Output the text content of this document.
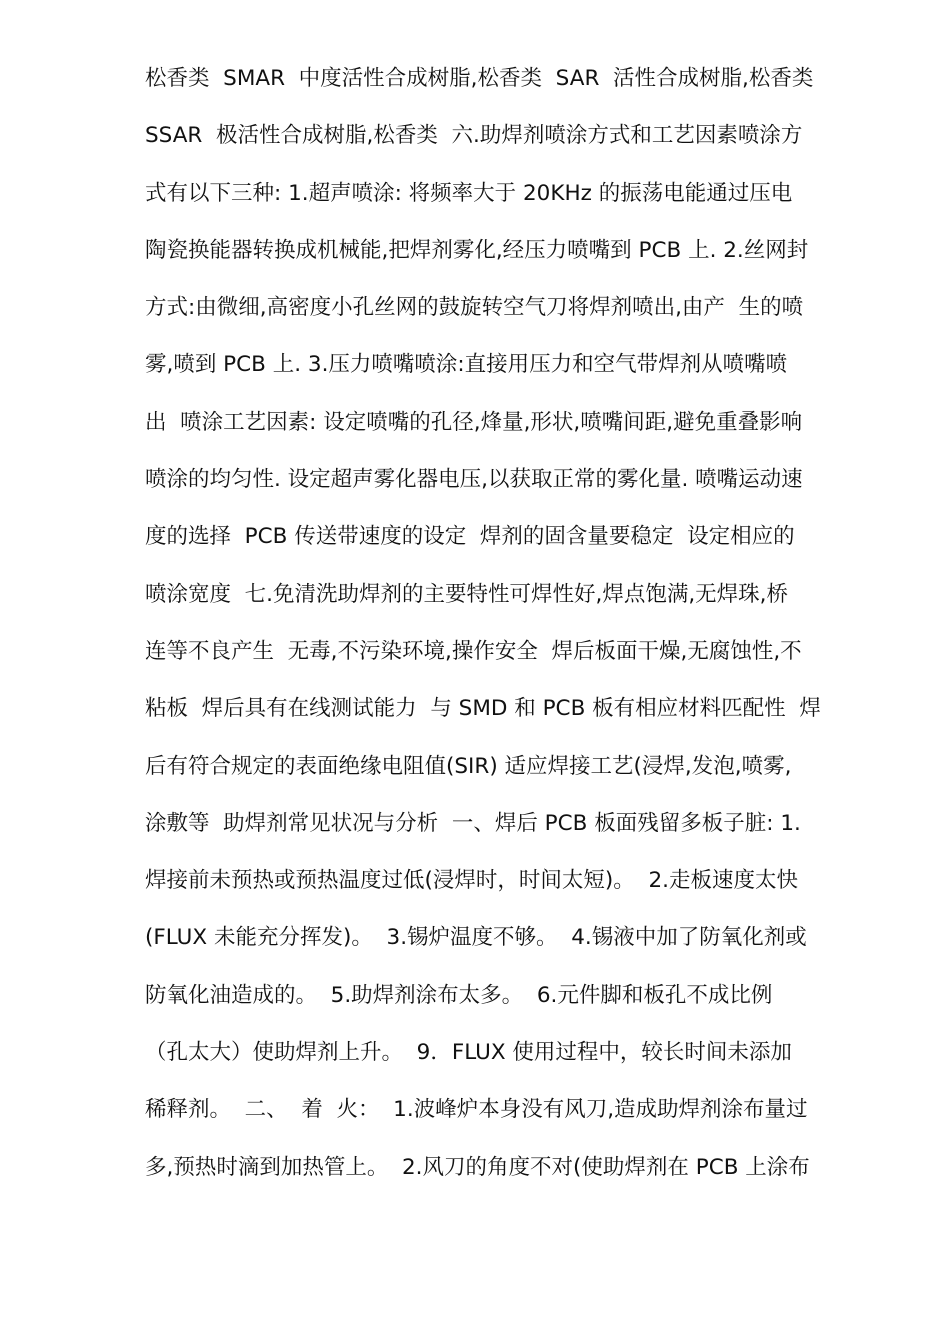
松香类  SMAR  中度活性合成树脂,松香类  SAR  活性合成树脂,松香类
SSAR  极活性合成树脂,松香类  六.助焊剂喷涂方式和工艺因素喷涂方
式有以下三种: 1.超声喷涂: 将频率大于 20KHz 的振荡电能通过压电
陶瓷换能器转换成机械能,把焊剂雾化,经压力喷嘴到 PCB 上. 2.丝网封
方式:由微细,高密度小孔丝网的鼓旋转空气刀将焊剂喷出,由产  生的喷
雾,喷到 PCB 上. 3.压力喷嘴喷涂:直接用压力和空气带焊剂从喷嘴喷
出  喷涂工艺因素: 设定喷嘴的孔径,烽量,形状,喷嘴间距,避免重叠影响
喷涂的均匀性. 设定超声雾化器电压,以获取正常的雾化量. 喷嘴运动速
度的选择  PCB 传送带速度的设定  焊剂的固含量要稳定  设定相应的
喷涂宽度  七.免清洗助焊剂的主要特性可焊性好,焊点饱满,无焊珠,桥
连等不良产生  无毒,不污染环境,操作安全  焊后板面干燥,无腐蚀性,不
粘板  焊后具有在线测试能力  与 SMD 和 PCB 板有相应材料匹配性  焊
后有符合规定的表面绝缘电阻值(SIR) 适应焊接工艺(浸焊,发泡,喷雾,
涂敷等  助焊剂常见状况与分析  一、焊后 PCB 板面残留多板子脏: 1.
焊接前未预热或预热温度过低(浸焊时，时间太短)。  2.走板速度太快
(FLUX 未能充分挥发)。  3.锡炉温度不够。  4.锡液中加了防氧化剂或
防氧化油造成的。  5.助焊剂涂布太多。  6.元件脚和板孔不成比例
（孔太大）使助焊剂上升。  9．FLUX 使用过程中，较长时间未添加
稀释剂。  二、  着  火：  1.波峰炉本身没有风刀,造成助焊剂涂布量过
多,预热时滴到加热管上。  2.风刀的角度不对(使助焊剂在 PCB 上涂布
